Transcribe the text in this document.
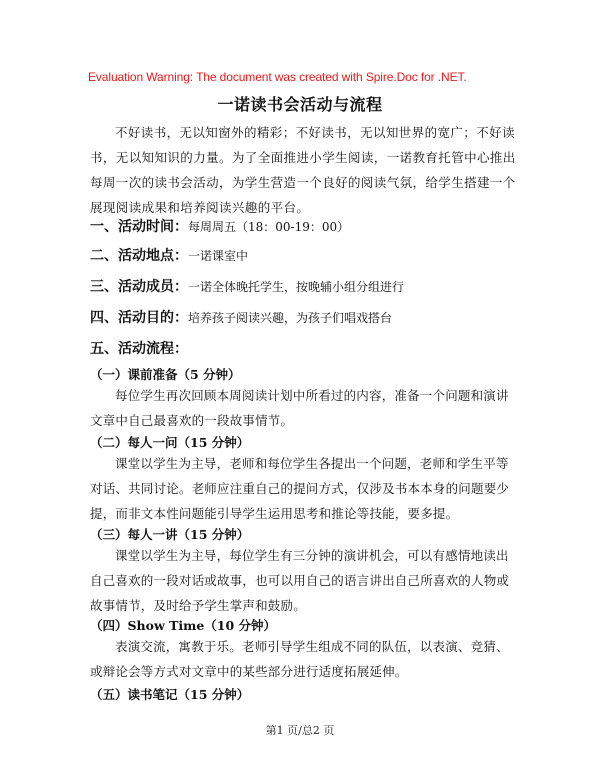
Evaluation Warning: The document was created with Spire.Doc for .NET.
一诺读书会活动与流程

不好读书，无以知窗外的精彩；不好读书，无以知世界的宽广；不好读书，无以知知识的力量。为了全面推进小学生阅读，一诺教育托管中心推出每周一次的读书会活动，为学生营造一个良好的阅读气氛，给学生搭建一个展现阅读成果和培养阅读兴趣的平台。

一、活动时间：每周周五（18：00-19：00）
二、活动地点：一诺课室中
三、活动成员：一诺全体晚托学生，按晚辅小组分组进行
四、活动目的：培养孩子阅读兴趣，为孩子们唱戏搭台
五、活动流程：
（一）课前准备（5 分钟）

每位学生再次回顾本周阅读计划中所看过的内容，准备一个问题和演讲文章中自己最喜欢的一段故事情节。

（二）每人一问（15 分钟）

课堂以学生为主导，老师和每位学生各提出一个问题，老师和学生平等对话、共同讨论。老师应注重自己的提问方式，仅涉及书本本身的问题要少提，而非文本性问题能引导学生运用思考和推论等技能，要多提。

（三）每人一讲（15 分钟）

课堂以学生为主导，每位学生有三分钟的演讲机会，可以有感情地读出自己喜欢的一段对话或故事，也可以用自己的语言讲出自己所喜欢的人物或故事情节，及时给予学生掌声和鼓励。

（四）Show Time（10 分钟）

表演交流，寓教于乐。老师引导学生组成不同的队伍，以表演、竞猜、或辩论会等方式对文章中的某些部分进行适度拓展延伸。

（五）读书笔记（15 分钟）
第1 页/总2 页
